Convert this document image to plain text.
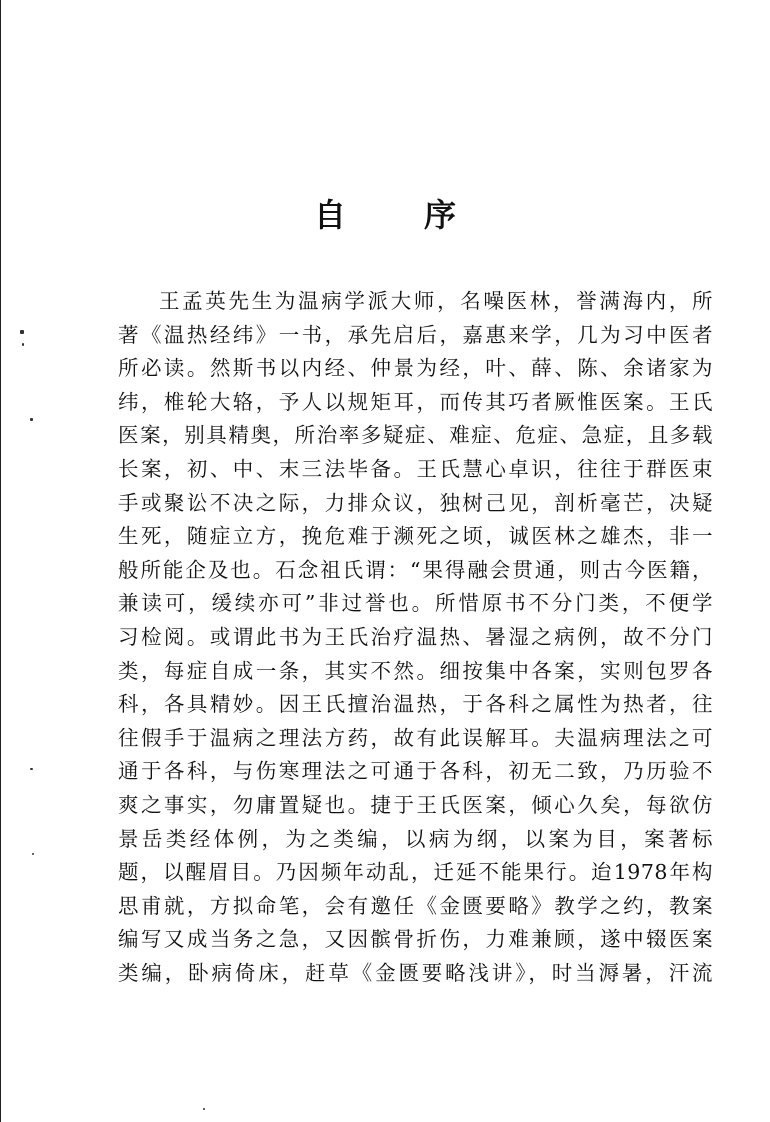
自 序
王孟英先生为温病学派大师，名噪医林，誉满海内，所
著《温热经纬》一书，承先启后，嘉惠来学，几为习中医者
所必读。然斯书以内经、仲景为经，叶、薛、陈、余诸家为
纬，椎轮大辂，予人以规矩耳，而传其巧者厥惟医案。王氏
医案，别具精奥，所治率多疑症、难症、危症、急症，且多载
长案，初、中、末三法毕备。王氏慧心卓识，往往于群医束
手或聚讼不决之际，力排众议，独树己见，剖析毫芒，决疑
生死，随症立方，挽危难于濒死之顷，诚医林之雄杰，非一
般所能企及也。石念祖氏谓：“果得融会贯通，则古今医籍，
兼读可，缓续亦可”非过誉也。所惜原书不分门类，不便学
习检阅。或谓此书为王氏治疗温热、暑湿之病例，故不分门
类，每症自成一条，其实不然。细按集中各案，实则包罗各
科，各具精妙。因王氏擅治温热，于各科之属性为热者，往
往假手于温病之理法方药，故有此误解耳。夫温病理法之可
通于各科，与伤寒理法之可通于各科，初无二致，乃历验不
爽之事实，勿庸置疑也。捷于王氏医案，倾心久矣，每欲仿
景岳类经体例，为之类编，以病为纲，以案为目，案著标
题，以醒眉目。乃因频年动乱，迁延不能果行。迨1978年构
思甫就，方拟命笔，会有邀任《金匮要略》教学之约，教案
编写又成当务之急，又因髌骨折伤，力难兼顾，遂中辍医案
类编，卧病倚床，赶草《金匮要略浅讲》，时当溽暑，汗流
